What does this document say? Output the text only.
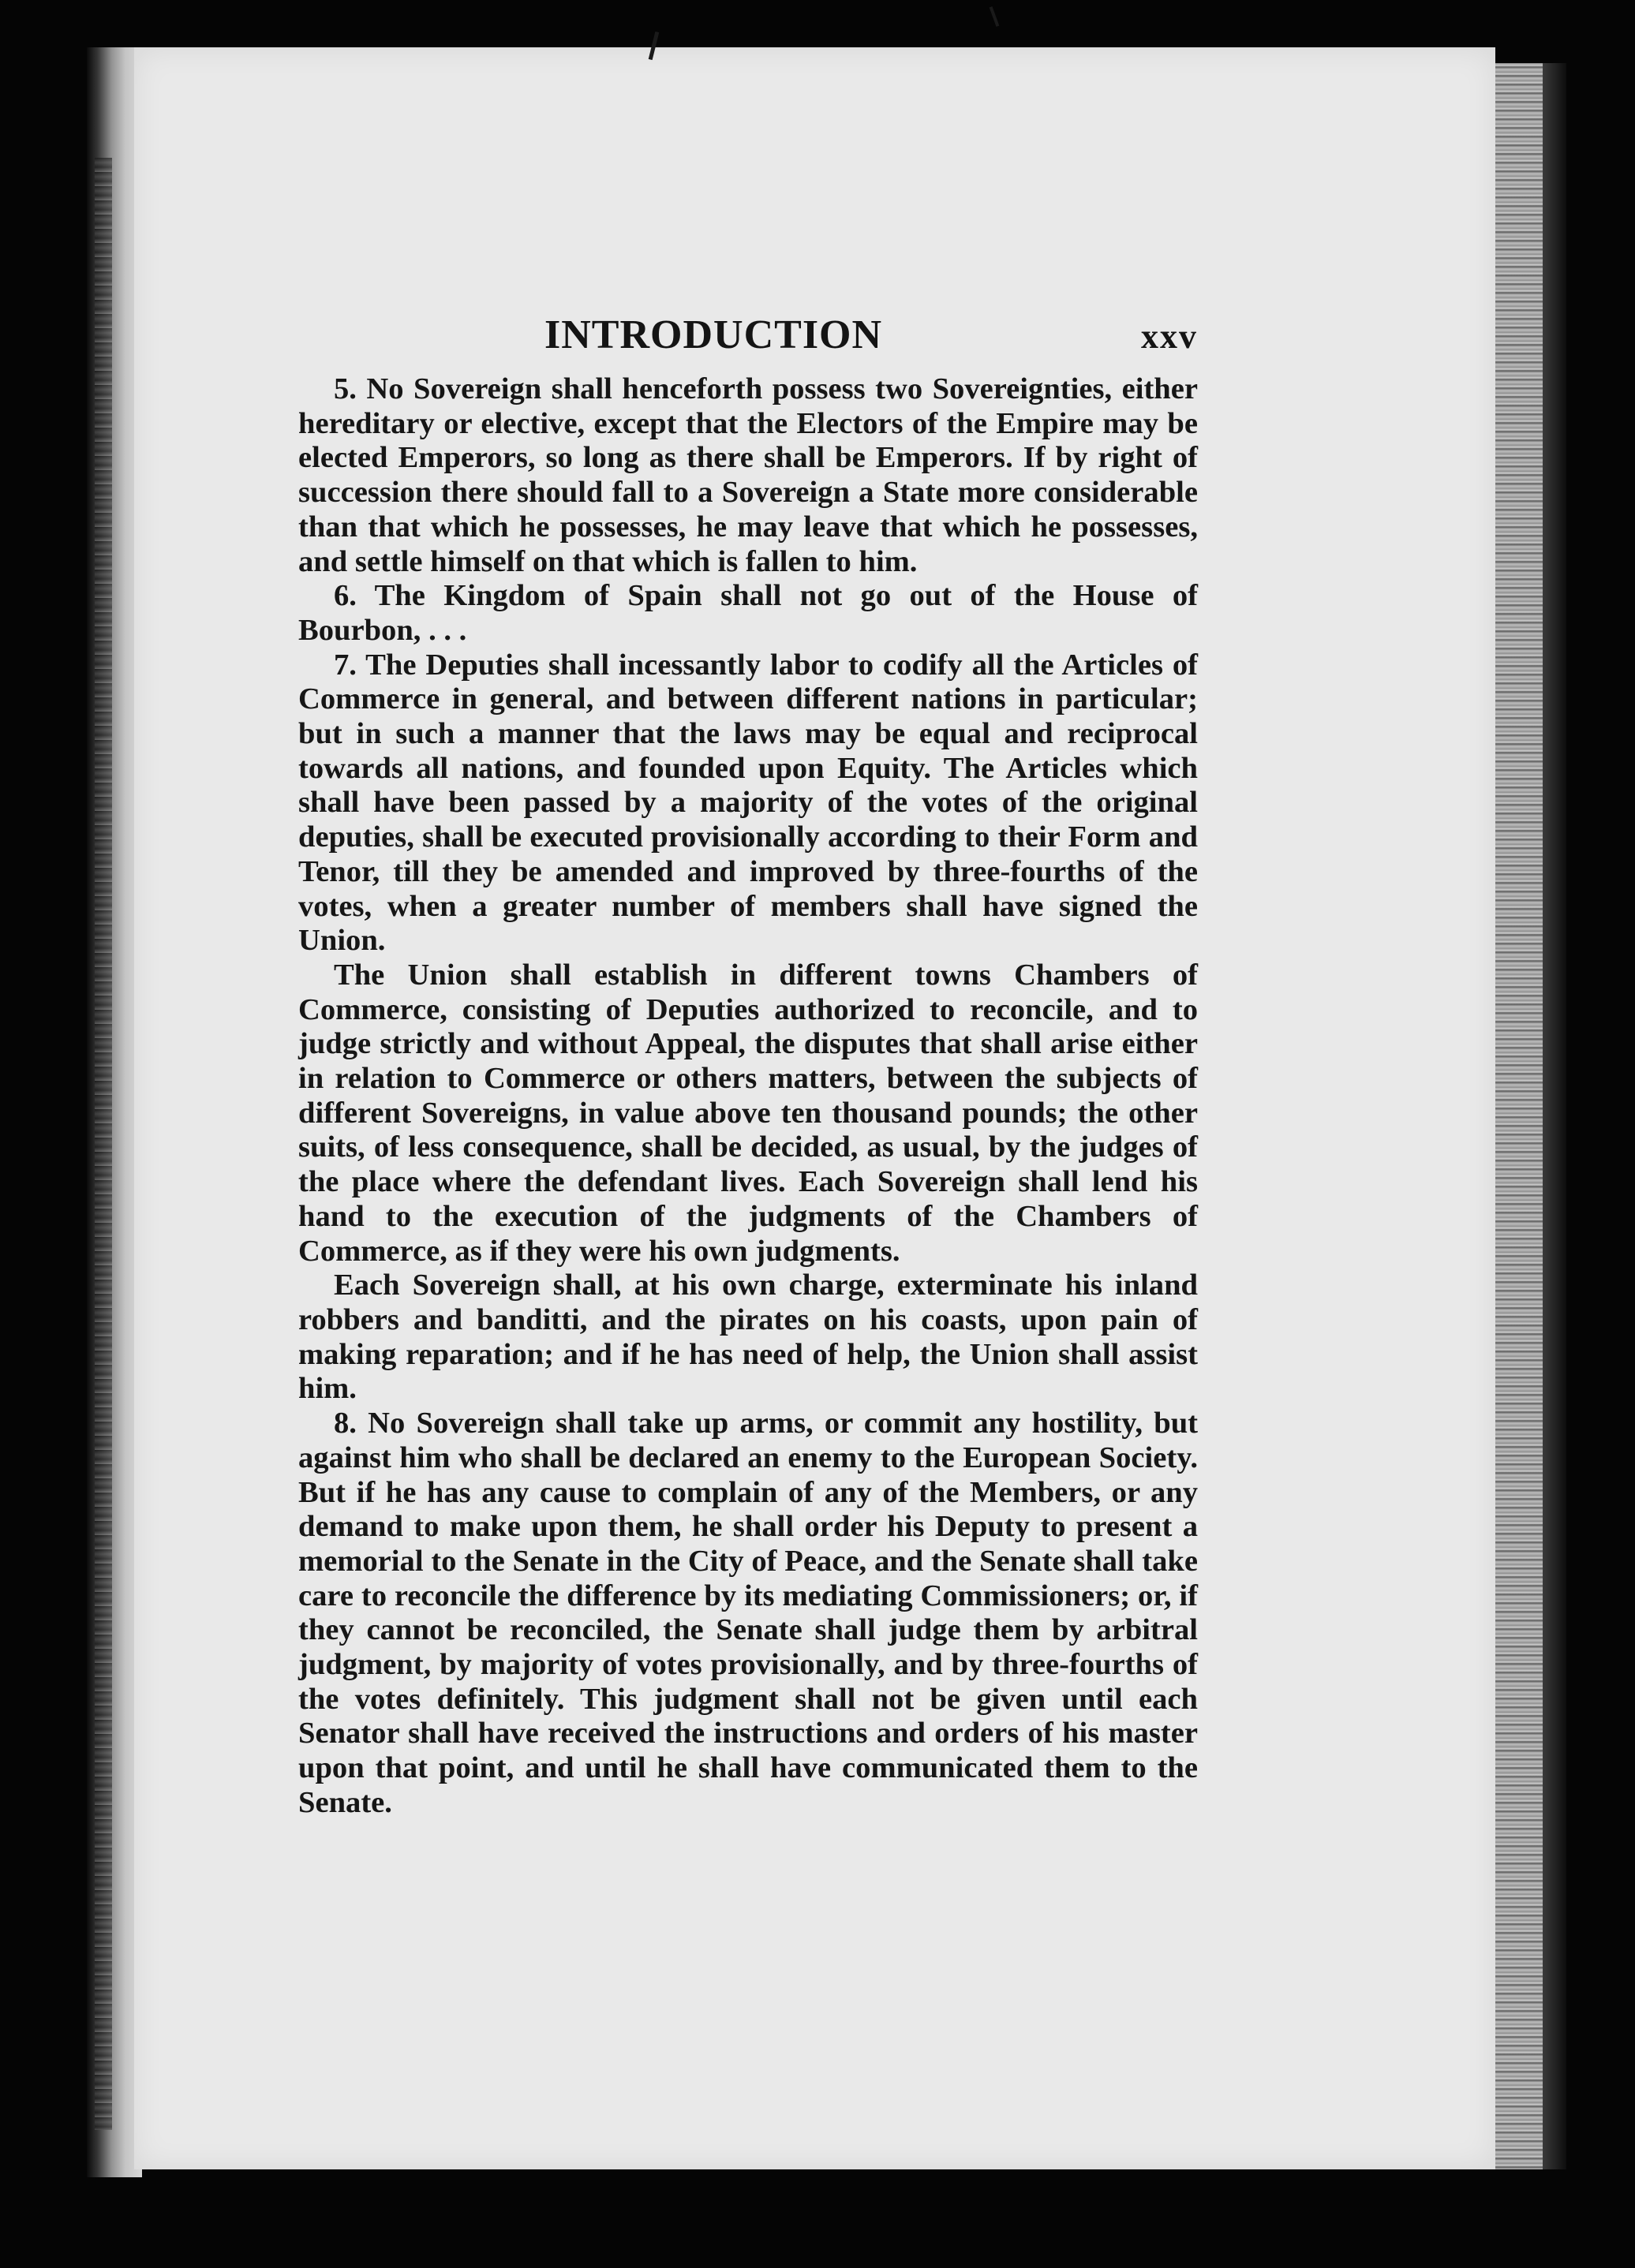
INTRODUCTION	xxv

5. No Sovereign shall henceforth possess two Sovereignties, either hereditary or elective, except that the Electors of the Empire may be elected Emperors, so long as there shall be Emperors. If by right of succession there should fall to a Sovereign a State more considerable than that which he possesses, he may leave that which he possesses, and settle himself on that which is fallen to him.

6. The Kingdom of Spain shall not go out of the House of Bourbon, . . .

7. The Deputies shall incessantly labor to codify all the Articles of Commerce in general, and between different nations in particular; but in such a manner that the laws may be equal and reciprocal towards all nations, and founded upon Equity. The Articles which shall have been passed by a majority of the votes of the original deputies, shall be executed provisionally according to their Form and Tenor, till they be amended and improved by three-fourths of the votes, when a greater number of members shall have signed the Union.

The Union shall establish in different towns Chambers of Commerce, consisting of Deputies authorized to reconcile, and to judge strictly and without Appeal, the disputes that shall arise either in relation to Commerce or others matters, between the subjects of different Sovereigns, in value above ten thousand pounds; the other suits, of less consequence, shall be decided, as usual, by the judges of the place where the defendant lives. Each Sovereign shall lend his hand to the execution of the judgments of the Chambers of Commerce, as if they were his own judgments.

Each Sovereign shall, at his own charge, exterminate his inland robbers and banditti, and the pirates on his coasts, upon pain of making reparation; and if he has need of help, the Union shall assist him.

8. No Sovereign shall take up arms, or commit any hostility, but against him who shall be declared an enemy to the European Society. But if he has any cause to complain of any of the Members, or any demand to make upon them, he shall order his Deputy to present a memorial to the Senate in the City of Peace, and the Senate shall take care to reconcile the difference by its mediating Commissioners; or, if they cannot be reconciled, the Senate shall judge them by arbitral judgment, by majority of votes provisionally, and by three-fourths of the votes definitely. This judgment shall not be given until each Senator shall have received the instructions and orders of his master upon that point, and until he shall have communicated them to the Senate.
